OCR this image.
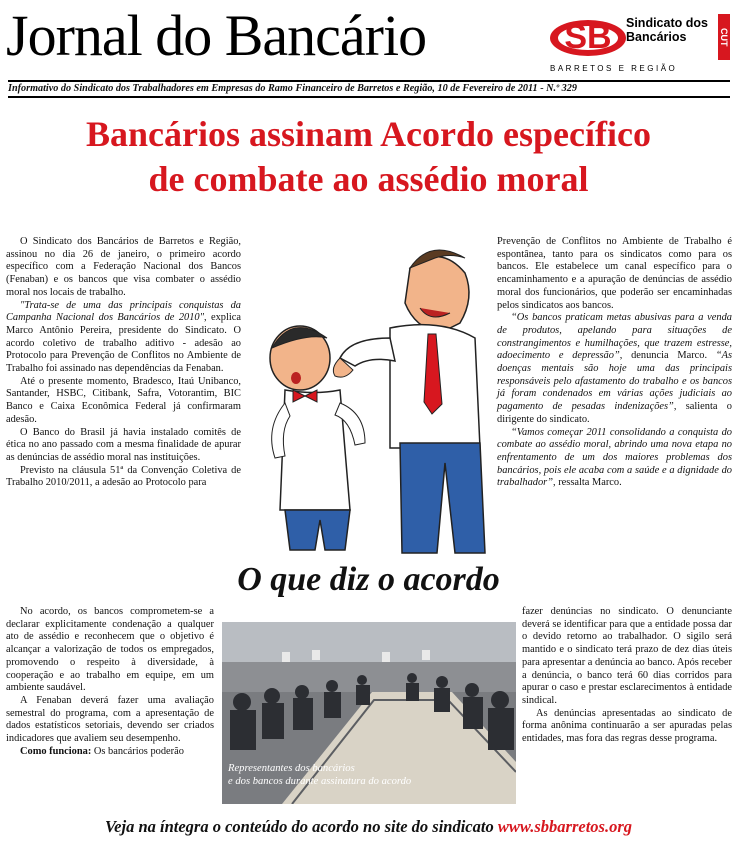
Jornal do Bancário	SB Sindicato dos
Bancários	CUT
BARRETOS E REGIÃO
Informativo do Sindicato dos Trabalhadores em Empresas do Ramo Financeiro de Barretos e Região, 10 de Fevereiro de 2011 - N.º 329
Bancários assinam Acordo específico
de combate ao assédio moral

O Sindicato dos Bancários de Barretos e Região, assinou no dia 26 de janeiro, o primeiro acordo específico com a Federação Nacional dos Bancos (Fenaban) e os bancos que visa combater o assédio moral nos locais de trabalho.

"Trata-se de uma das principais conquistas da Campanha Nacional dos Bancários de 2010", explica Marco Antônio Pereira, presidente do Sindicato. O acordo coletivo de trabalho aditivo - adesão ao Protocolo para Prevenção de Conflitos no Ambiente de Trabalho foi assinado nas dependências da Fenaban.

Até o presente momento, Bradesco, Itaú Unibanco, Santander, HSBC, Citibank, Safra, Votorantim, BIC Banco e Caixa Econômica Federal já confirmaram adesão.

O Banco do Brasil já havia instalado comitês de ética no ano passado com a mesma finalidade de apurar as denúncias de assédio moral nas instituições.

Previsto na cláusula 51ª da Convenção Coletiva de Trabalho 2010/2011, a adesão ao Protocolo para

Prevenção de Conflitos no Ambiente de Trabalho é espontânea, tanto para os sindicatos como para os bancos. Ele estabelece um canal específico para o encaminhamento e a apuração de denúncias de assédio moral dos funcionários, que poderão ser encaminhadas pelos sindicatos aos bancos.

“Os bancos praticam metas abusivas para a venda de produtos, apelando para situações de constrangimentos e humilhações, que trazem estresse, adoecimento e depressão”, denuncia Marco. “As doenças mentais são hoje uma das principais responsáveis pelo afastamento do trabalho e os bancos já foram condenados em várias ações judiciais ao pagamento de pesadas indenizações”, salienta o dirigente do sindicato.

“Vamos começar 2011 consolidando a conquista do combate ao assédio moral, abrindo uma nova etapa no enfrentamento de um dos maiores problemas dos bancários, pois ele acaba com a saúde e a dignidade do trabalhador”, ressalta Marco.

O que diz o acordo

No acordo, os bancos comprometem-se a declarar explicitamente condenação a qualquer ato de assédio e reconhecem que o objetivo é alcançar a valorização de todos os empregados, promovendo o respeito à diversidade, à cooperação e ao trabalho em equipe, em um ambiente saudável.

A Fenaban deverá fazer uma avaliação semestral do programa, com a apresentação de dados estatísticos setoriais, devendo ser criados indicadores que avaliem seu desempenho.

Como funciona: Os bancários poderão

Representantes dos bancários
e dos bancos durante assinatura do acordo

fazer denúncias no sindicato. O denunciante deverá se identificar para que a entidade possa dar o devido retorno ao trabalhador. O sigilo será mantido e o sindicato terá prazo de dez dias úteis para apresentar a denúncia ao banco. Após receber a denúncia, o banco terá 60 dias corridos para apurar o caso e prestar esclarecimentos à entidade sindical.

As denúncias apresentadas ao sindicato de forma anônima continuarão a ser apuradas pelas entidades, mas fora das regras desse programa.

Veja na íntegra o conteúdo do acordo no site do sindicato www.sbbarretos.org
